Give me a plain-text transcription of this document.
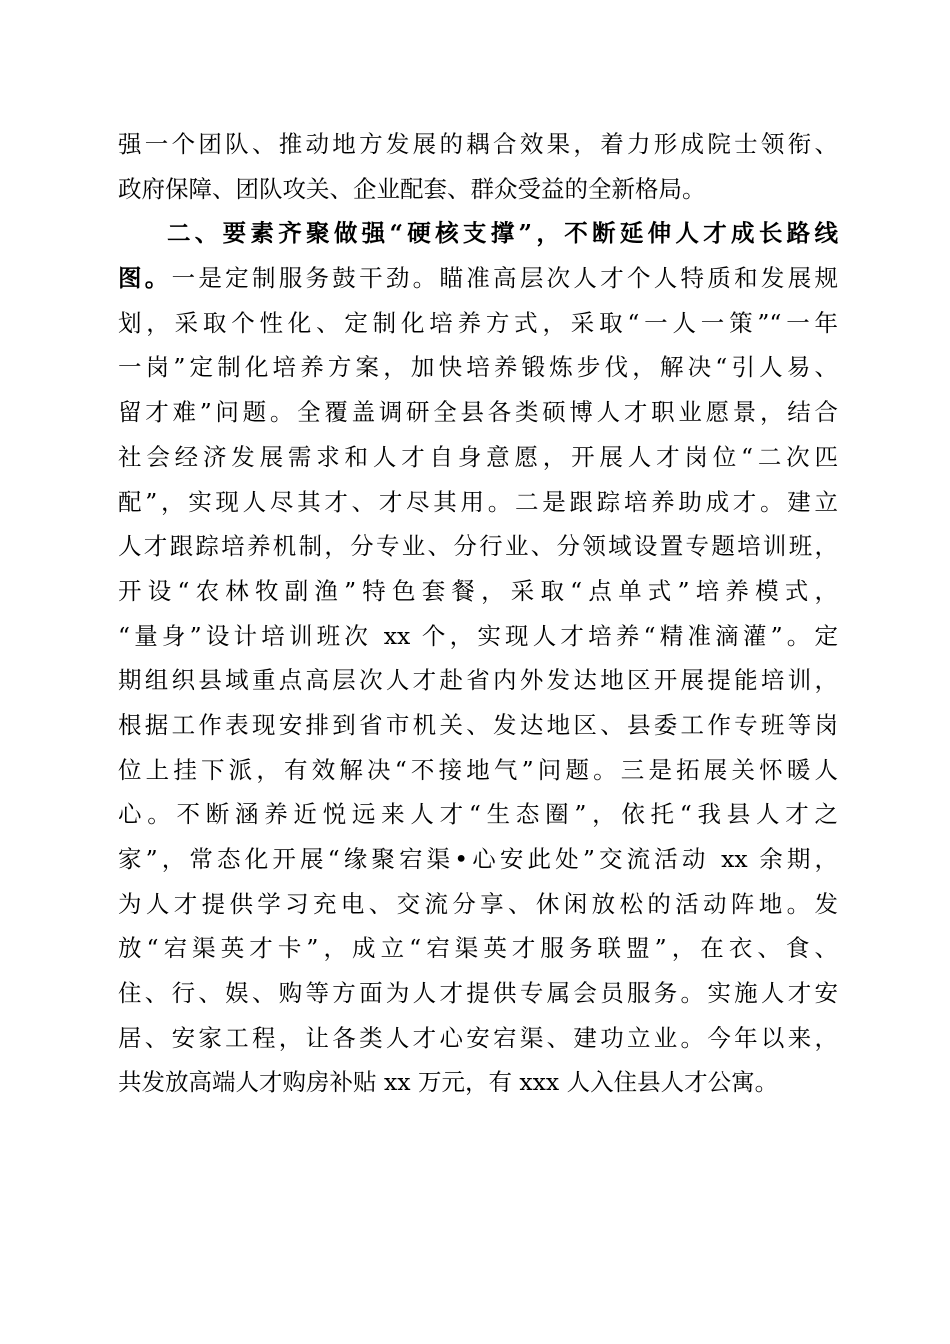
强一个团队、推动地方发展的耦合效果，着力形成院士领衔、
政府保障、团队攻关、企业配套、群众受益的全新格局。
二、要素齐聚做强“硬核支撑”，不断延伸人才成长路线
图。一是定制服务鼓干劲。瞄准高层次人才个人特质和发展规
划，采取个性化、定制化培养方式，采取“一人一策”“一年
一岗”定制化培养方案，加快培养锻炼步伐，解决“引人易、
留才难”问题。全覆盖调研全县各类硕博人才职业愿景，结合
社会经济发展需求和人才自身意愿，开展人才岗位“二次匹
配”，实现人尽其才、才尽其用。二是跟踪培养助成才。建立
人才跟踪培养机制，分专业、分行业、分领域设置专题培训班，
开设“农林牧副渔”特色套餐，采取“点单式”培养模式，
“量身”设计培训班次 xx 个，实现人才培养“精准滴灌”。定
期组织县域重点高层次人才赴省内外发达地区开展提能培训，
根据工作表现安排到省市机关、发达地区、县委工作专班等岗
位上挂下派，有效解决“不接地气”问题。三是拓展关怀暖人
心。不断涵养近悦远来人才“生态圈”，依托“我县人才之
家”，常态化开展“缘聚宕渠•心安此处”交流活动 xx 余期，
为人才提供学习充电、交流分享、休闲放松的活动阵地。发
放“宕渠英才卡”，成立“宕渠英才服务联盟”，在衣、食、
住、行、娱、购等方面为人才提供专属会员服务。实施人才安
居、安家工程，让各类人才心安宕渠、建功立业。今年以来，
共发放高端人才购房补贴 xx 万元，有 xxx 人入住县人才公寓。
